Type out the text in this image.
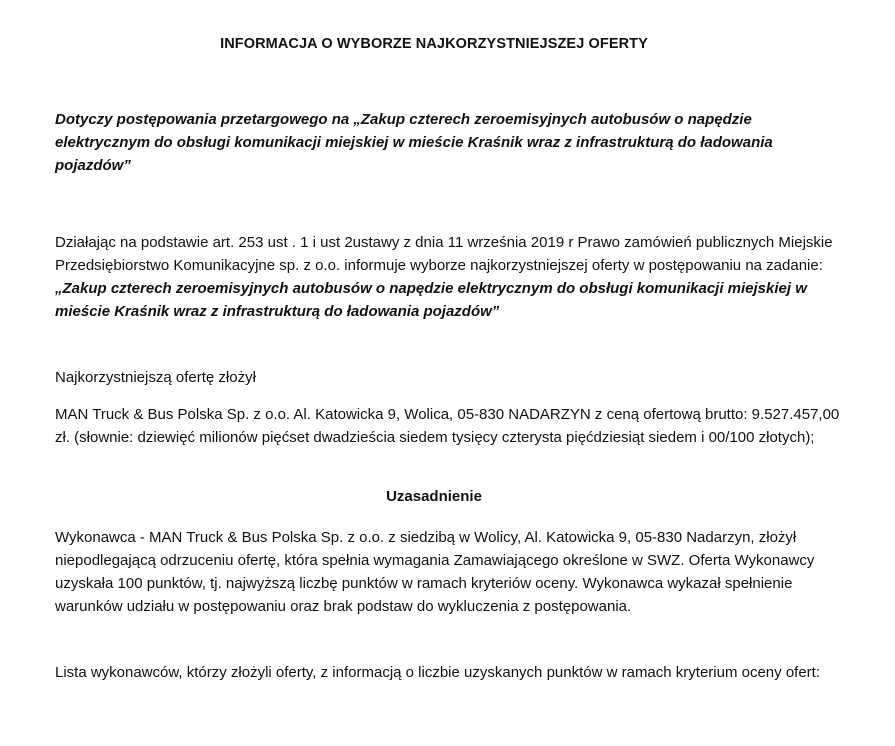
INFORMACJA O WYBORZE NAJKORZYSTNIEJSZEJ OFERTY
Dotyczy postępowania przetargowego na „Zakup czterech zeroemisyjnych autobusów o napędzie elektrycznym do obsługi komunikacji miejskiej w mieście Kraśnik wraz z infrastrukturą do ładowania pojazdów”
Działając na podstawie art. 253 ust . 1 i ust 2ustawy z dnia 11 września 2019 r Prawo zamówień publicznych Miejskie Przedsiębiorstwo Komunikacyjne sp. z o.o. informuje wyborze najkorzystniejszej oferty w postępowaniu na zadanie: „Zakup czterech zeroemisyjnych autobusów o napędzie elektrycznym do obsługi komunikacji miejskiej w mieście Kraśnik wraz z infrastrukturą do ładowania pojazdów”
Najkorzystniejszą ofertę złożył
MAN Truck & Bus Polska Sp. z o.o. Al. Katowicka 9, Wolica, 05-830 NADARZYN z ceną ofertową brutto: 9.527.457,00 zł. (słownie: dziewięć milionów pięćset dwadzieścia siedem tysięcy czterysta pięćdziesiąt siedem i 00/100 złotych);
Uzasadnienie
Wykonawca - MAN Truck & Bus Polska Sp. z o.o. z siedzibą w Wolicy, Al. Katowicka 9, 05-830 Nadarzyn, złożył niepodlegającą odrzuceniu ofertę, która spełnia wymagania Zamawiającego określone w SWZ. Oferta Wykonawcy uzyskała 100 punktów, tj. najwyższą liczbę punktów w ramach kryteriów oceny. Wykonawca wykazał spełnienie warunków udziału w postępowaniu oraz brak podstaw do wykluczenia z postępowania.
Lista wykonawców, którzy złożyli oferty, z informacją o liczbie uzyskanych punktów w ramach kryterium oceny ofert:
